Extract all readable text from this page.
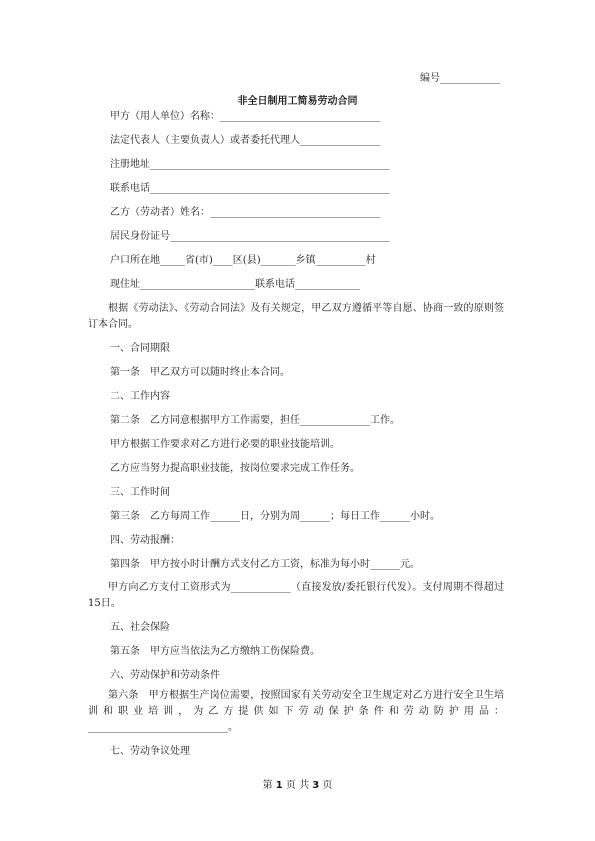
编号____________
非全日制用工简易劳动合同
甲方（用人单位）名称：________________________________
法定代表人（主要负责人）或者委托代理人________________
注册地址________________________________________________
联系电话________________________________________________
乙方（劳动者）姓名：__________________________________
居民身份证号____________________________________________
户口所在地_____省(市)____区(县)_______乡镇__________村
现住址_______________________联系电话_____________
根据《劳动法》、《劳动合同法》及有关规定，甲乙双方遵循平等自愿、协商一致的原则签订本合同。
一、合同期限
第一条　甲乙双方可以随时终止本合同。
二、工作内容
第二条　乙方同意根据甲方工作需要，担任______________工作。
甲方根据工作要求对乙方进行必要的职业技能培训。
乙方应当努力提高职业技能，按岗位要求完成工作任务。
三、工作时间
第三条　乙方每周工作______日，分别为周______；每日工作______小时。
四、劳动报酬：
第四条　甲方按小时计酬方式支付乙方工资，标准为每小时______元。
甲方向乙方支付工资形式为____________（直接发放/委托银行代发）。支付周期不得超过15日。
五、社会保险
第五条　甲方应当依法为乙方缴纳工伤保险费。
六、劳动保护和劳动条件
第六条　甲方根据生产岗位需要，按照国家有关劳动安全卫生规定对乙方进行安全卫生培训和职业培训，为乙方提供如下劳动保护条件和劳动防护用品：____________________________。
七、劳动争议处理
第 1 页 共 3 页
